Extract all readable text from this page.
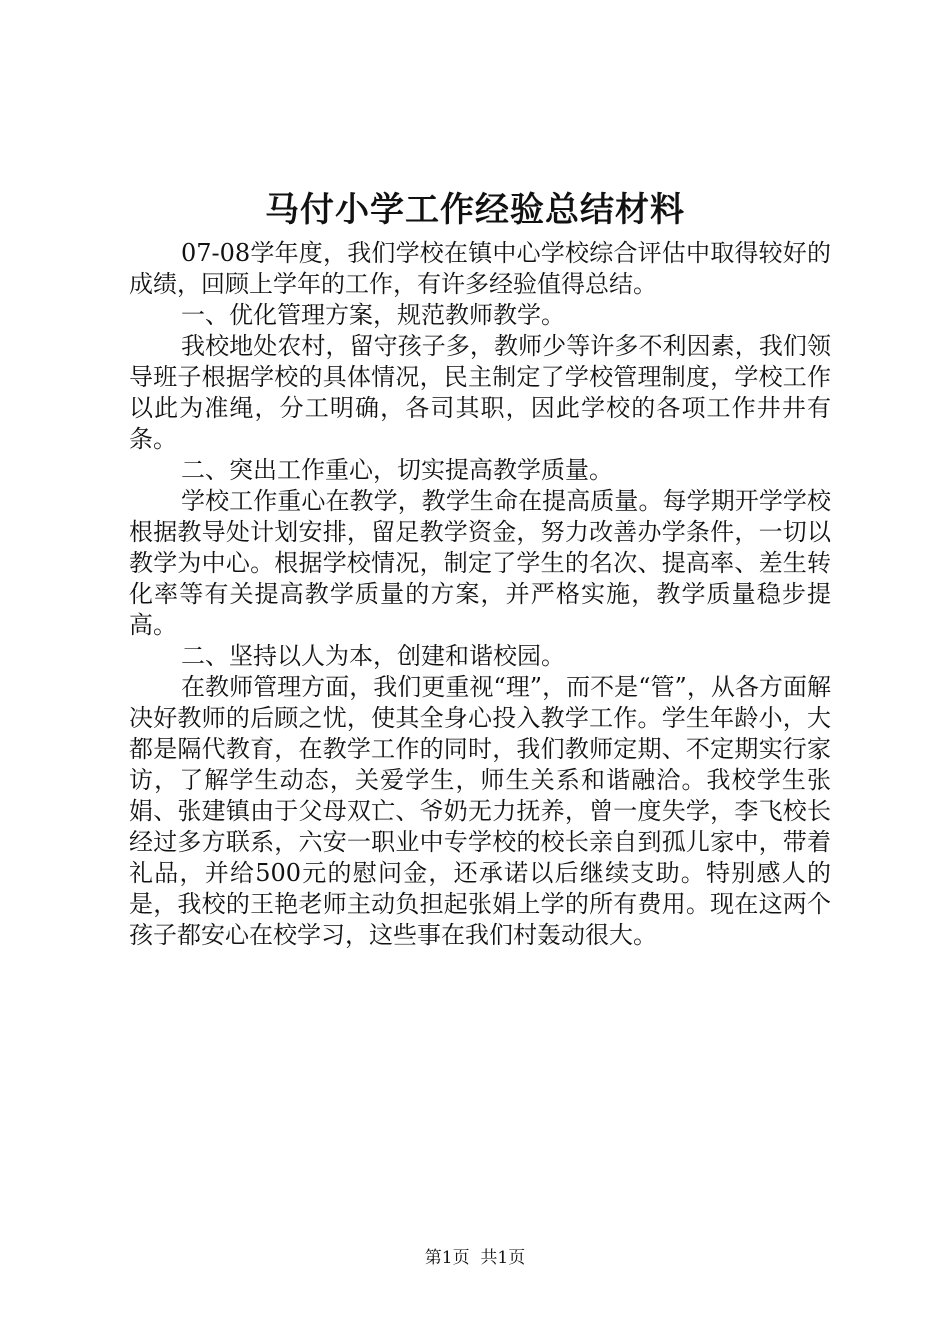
马付小学工作经验总结材料

07-08学年度，我们学校在镇中心学校综合评估中取得较好的成绩，回顾上学年的工作，有许多经验值得总结。

一、优化管理方案，规范教师教学。

我校地处农村，留守孩子多，教师少等许多不利因素，我们领导班子根据学校的具体情况，民主制定了学校管理制度，学校工作以此为准绳，分工明确，各司其职，因此学校的各项工作井井有条。

二、突出工作重心，切实提高教学质量。

学校工作重心在教学，教学生命在提高质量。每学期开学学校根据教导处计划安排，留足教学资金，努力改善办学条件，一切以教学为中心。根据学校情况，制定了学生的名次、提高率、差生转化率等有关提高教学质量的方案，并严格实施，教学质量稳步提高。

二、坚持以人为本，创建和谐校园。

在教师管理方面，我们更重视“理”，而不是“管”，从各方面解决好教师的后顾之忧，使其全身心投入教学工作。学生年龄小，大都是隔代教育，在教学工作的同时，我们教师定期、不定期实行家访，了解学生动态，关爱学生，师生关系和谐融洽。我校学生张娟、张建镇由于父母双亡、爷奶无力抚养，曾一度失学，李飞校长经过多方联系，六安一职业中专学校的校长亲自到孤儿家中，带着礼品，并给500元的慰问金，还承诺以后继续支助。特别感人的是，我校的王艳老师主动负担起张娟上学的所有费用。现在这两个孩子都安心在校学习，这些事在我们村轰动很大。

第1页  共1页
